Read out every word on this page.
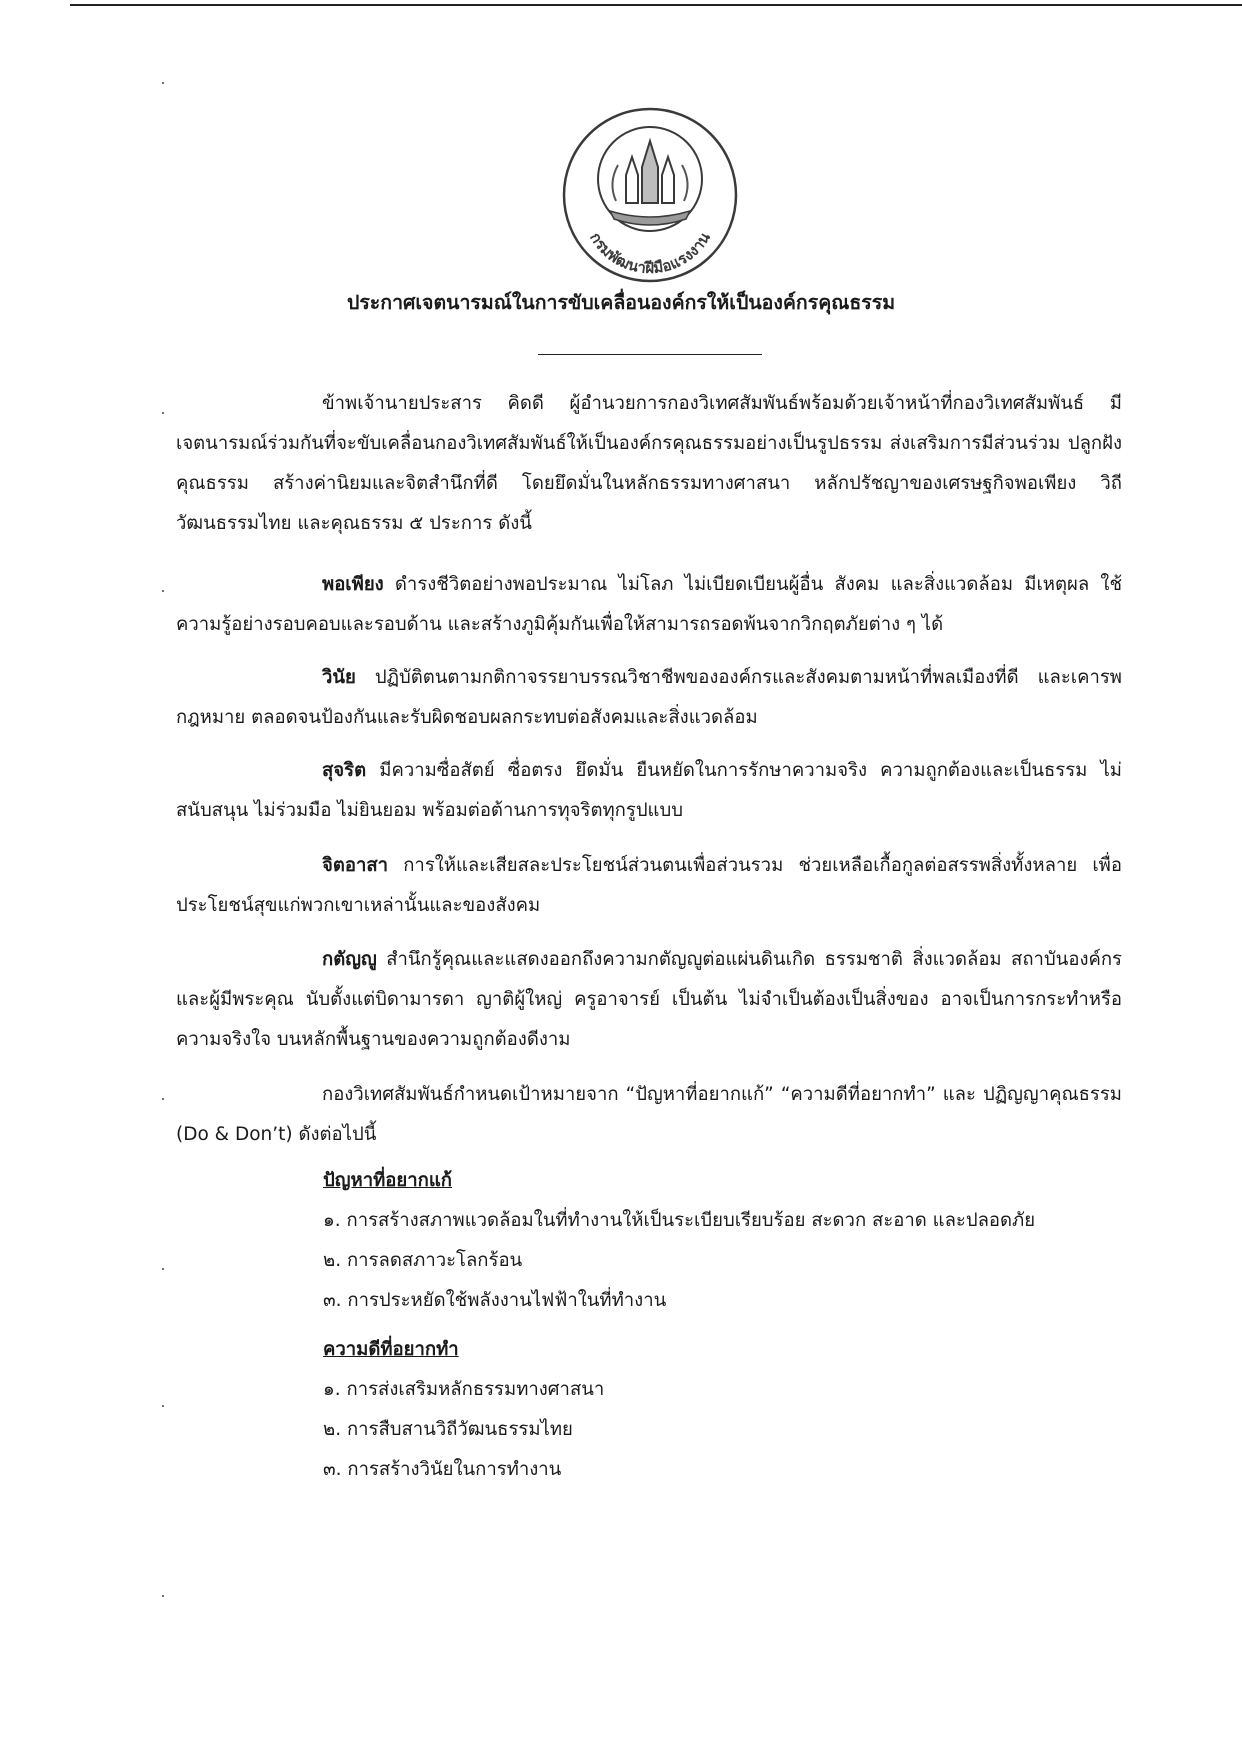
กรมพัฒนาฝีมือแรงงาน
ประกาศเจตนารมณ์ในการขับเคลื่อนองค์กรให้เป็นองค์กรคุณธรรม
ข้าพเจ้านายประสาร คิดดี ผู้อำนวยการกองวิเทศสัมพันธ์พร้อมด้วยเจ้าหน้าที่กองวิเทศสัมพันธ์ มีเจตนารมณ์ร่วมกันที่จะขับเคลื่อนกองวิเทศสัมพันธ์ให้เป็นองค์กรคุณธรรมอย่างเป็นรูปธรรม ส่งเสริมการมีส่วนร่วม ปลูกฝังคุณธรรม สร้างค่านิยมและจิตสำนึกที่ดี โดยยึดมั่นในหลักธรรมทางศาสนา หลักปรัชญาของเศรษฐกิจพอเพียง วิถีวัฒนธรรมไทย และคุณธรรม ๕ ประการ ดังนี้
พอเพียง ดำรงชีวิตอย่างพอประมาณ ไม่โลภ ไม่เบียดเบียนผู้อื่น สังคม และสิ่งแวดล้อม มีเหตุผล ใช้ความรู้อย่างรอบคอบและรอบด้าน และสร้างภูมิคุ้มกันเพื่อให้สามารถรอดพ้นจากวิกฤตภัยต่าง ๆ ได้
วินัย ปฏิบัติตนตามกติกาจรรยาบรรณวิชาชีพขององค์กรและสังคมตามหน้าที่พลเมืองที่ดี และเคารพกฎหมาย ตลอดจนป้องกันและรับผิดชอบผลกระทบต่อสังคมและสิ่งแวดล้อม
สุจริต มีความซื่อสัตย์ ซื่อตรง ยึดมั่น ยืนหยัดในการรักษาความจริง ความถูกต้องและเป็นธรรม ไม่สนับสนุน ไม่ร่วมมือ ไม่ยินยอม พร้อมต่อต้านการทุจริตทุกรูปแบบ
จิตอาสา การให้และเสียสละประโยชน์ส่วนตนเพื่อส่วนรวม ช่วยเหลือเกื้อกูลต่อสรรพสิ่งทั้งหลาย เพื่อประโยชน์สุขแก่พวกเขาเหล่านั้นและของสังคม
กตัญญู สำนึกรู้คุณและแสดงออกถึงความกตัญญูต่อแผ่นดินเกิด ธรรมชาติ สิ่งแวดล้อม สถาบันองค์กร และผู้มีพระคุณ นับตั้งแต่บิดามารดา ญาติผู้ใหญ่ ครูอาจารย์ เป็นต้น ไม่จำเป็นต้องเป็นสิ่งของ อาจเป็นการกระทำหรือความจริงใจ บนหลักพื้นฐานของความถูกต้องดีงาม
กองวิเทศสัมพันธ์กำหนดเป้าหมายจาก “ปัญหาที่อยากแก้” “ความดีที่อยากทำ” และ ปฏิญญาคุณธรรม (Do & Don’t) ดังต่อไปนี้
ปัญหาที่อยากแก้
๑. การสร้างสภาพแวดล้อมในที่ทำงานให้เป็นระเบียบเรียบร้อย สะดวก สะอาด และปลอดภัย
๒. การลดสภาวะโลกร้อน
๓. การประหยัดใช้พลังงานไฟฟ้าในที่ทำงาน
ความดีที่อยากทำ
๑. การส่งเสริมหลักธรรมทางศาสนา
๒. การสืบสานวิถีวัฒนธรรมไทย
๓. การสร้างวินัยในการทำงาน
